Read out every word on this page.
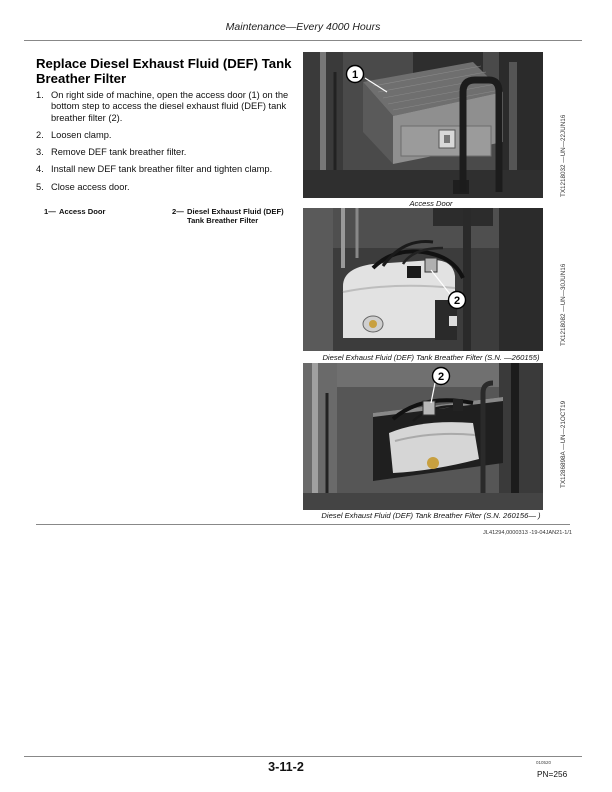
Maintenance—Every 4000 Hours
Replace Diesel Exhaust Fluid (DEF) Tank Breather Filter
1. On right side of machine, open the access door (1) on the bottom step to access the diesel exhaust fluid (DEF) tank breather filter (2).
2. Loosen clamp.
3. Remove DEF tank breather filter.
4. Install new DEF tank breather filter and tighten clamp.
5. Close access door.
1— Access Door	2— Diesel Exhaust Fluid (DEF)
Tank Breather Filter
1
Access Door
TX1218032 —UN—22JUN16
2
Diesel Exhaust Fluid (DEF) Tank Breather Filter (S.N. —260155)
TX1218082 —UN—30JUN16
2
Diesel Exhaust Fluid (DEF) Tank Breather Filter (S.N. 260156— )
TX1286898A —UN—21OCT19
JL41294,0000313 -19-04JAN21-1/1
3-11-2	010520
PN=256
